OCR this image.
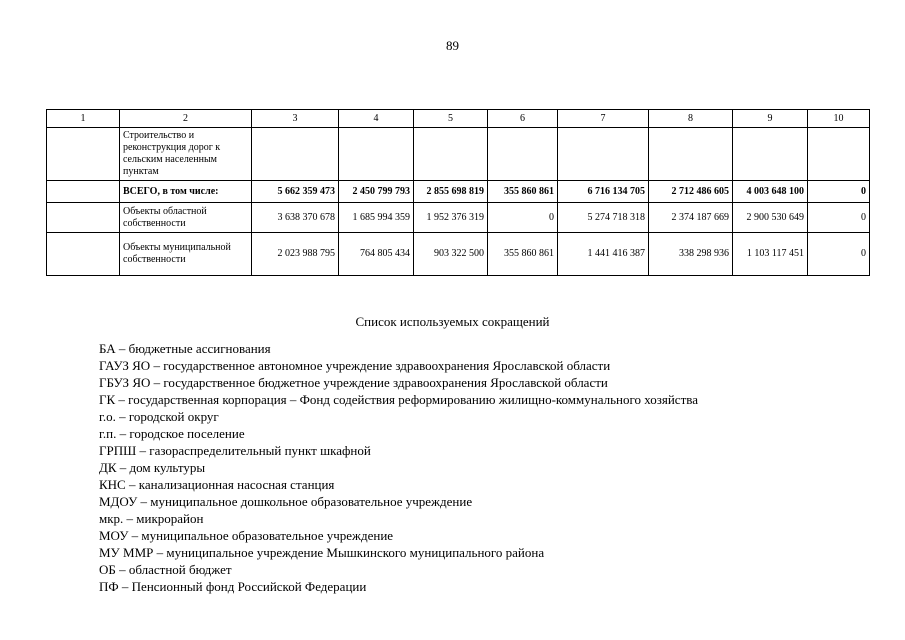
89
1	2	3	4	5	6	7	8	9	10
	Строительство и реконструкция дорог к сельским населенным пунктам								
	ВСЕГО, в том числе:	5 662 359 473	2 450 799 793	2 855 698 819	355 860 861	6 716 134 705	2 712 486 605	4 003 648 100	0
	Объекты областной собственности	3 638 370 678	1 685 994 359	1 952 376 319	0	5 274 718 318	2 374 187 669	2 900 530 649	0
	Объекты муниципальной собственности	2 023 988 795	764 805 434	903 322 500	355 860 861	1 441 416 387	338 298 936	1 103 117 451	0
Список используемых сокращений
БА – бюджетные ассигнования
ГАУЗ ЯО – государственное автономное учреждение здравоохранения Ярославской области
ГБУЗ ЯО – государственное бюджетное учреждение здравоохранения Ярославской области
ГК – государственная корпорация – Фонд содействия реформированию жилищно-коммунального хозяйства
г.о. – городской округ
г.п. – городское поселение
ГРПШ – газораспределительный пункт шкафной
ДК – дом культуры
КНС – канализационная насосная станция
МДОУ – муниципальное дошкольное образовательное учреждение
мкр. – микрорайон
МОУ – муниципальное образовательное учреждение
МУ ММР – муниципальное учреждение Мышкинского муниципального района
ОБ – областной бюджет
ПФ – Пенсионный фонд Российской Федерации
